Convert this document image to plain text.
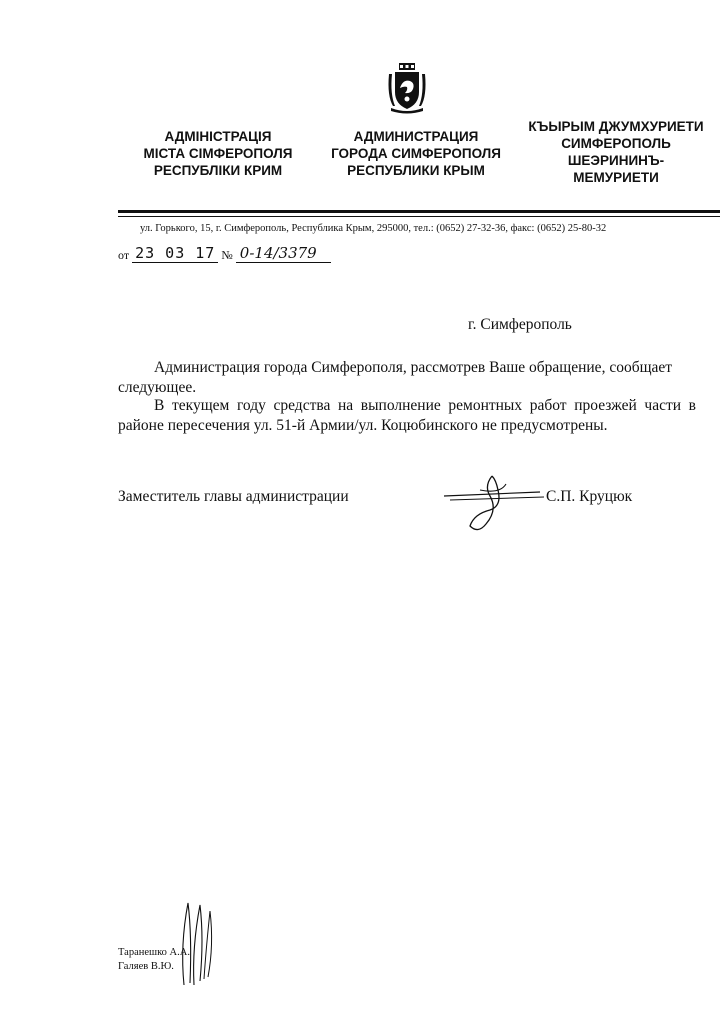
АДМІНІСТРАЦІЯ
МІСТА СІМФЕРОПОЛЯ
РЕСПУБЛІКИ КРИМ
АДМИНИСТРАЦИЯ
ГОРОДА СИМФЕРОПОЛЯ
РЕСПУБЛИКИ КРЫМ
КЪЫРЫМ ДЖУМХУРИЕТИ
СИМФЕРОПОЛЬ
ШЕЭРИНИНЪ-
МЕМУРИЕТИ
ул. Горького, 15, г. Симферополь, Республика Крым, 295000, тел.: (0652) 27-32-36, факс: (0652) 25-80-32
от 23 03 17 № 0-14/3379
г. Симферополь
Администрация города Симферополя, рассмотрев Ваше обращение, сообщает следующее.
В текущем году средства на выполнение ремонтных работ проезжей части в районе пересечения ул. 51-й Армии/ул. Коцюбинского не предусмотрены.
Заместитель главы администрации	С.П. Круцюк
Таранешко А.А.
Галяев В.Ю.
